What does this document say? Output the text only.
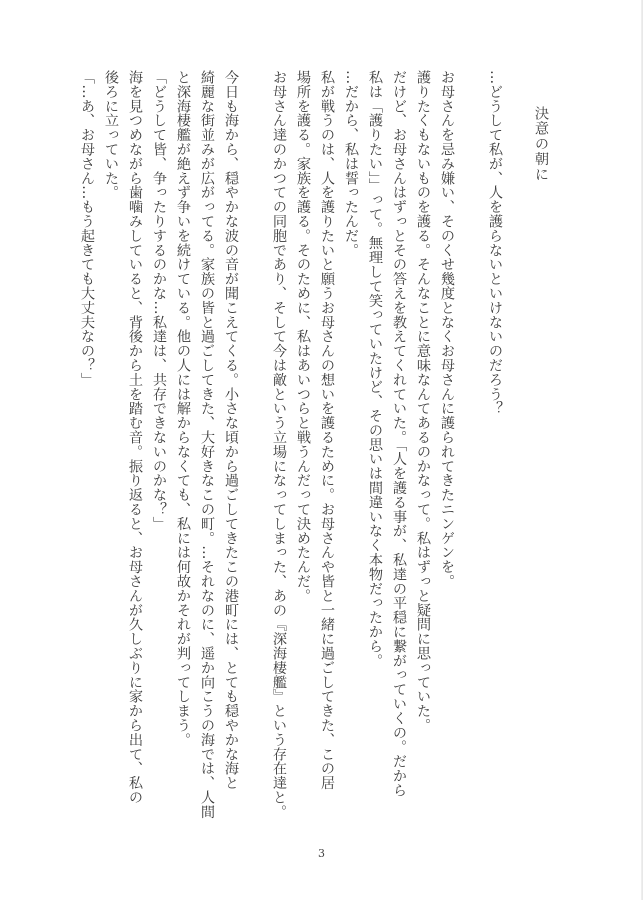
決意の朝に
…どうして私が、人を護らないといけないのだろう？
お母さんを忌み嫌い、そのくせ幾度となくお母さんに護られてきたニンゲンを。
護りたくもないものを護る。そんなことに意味なんてあるのかなって。私はずっと疑問に思っていた。
だけど、お母さんはずっとその答えを教えてくれていた。「人を護る事が、私達の平穏に繋がっていくの。だから
私は「護りたい」」って。無理して笑っていたけど、その思いは間違いなく本物だったから。
…だから、私は誓ったんだ。
私が戦うのは、人を護りたいと願うお母さんの想いを護るために。お母さんや皆と一緒に過ごしてきた、この居
場所を護る。家族を護る。そのために、私はあいつらと戦うんだって決めたんだ。
お母さん達のかつての同胞であり、そして今は敵という立場になってしまった、あの『深海棲艦』という存在達と。
今日も海から、穏やかな波の音が聞こえてくる。小さな頃から過ごしてきたこの港町には、とても穏やかな海と
綺麗な街並みが広がってる。家族の皆と過ごしてきた、大好きなこの町。…それなのに、遥か向こうの海では、人間
と深海棲艦が絶えず争いを続けている。他の人には解からなくても、私には何故かそれが判ってしまう。
「どうして皆、争ったりするのかな…私達は、共存できないのかな？」
海を見つめながら歯噛みしていると、背後から土を踏む音。振り返ると、お母さんが久しぶりに家から出て、私の
後ろに立っていた。
「…あ、お母さん…もう起きても大丈夫なの？」
3
